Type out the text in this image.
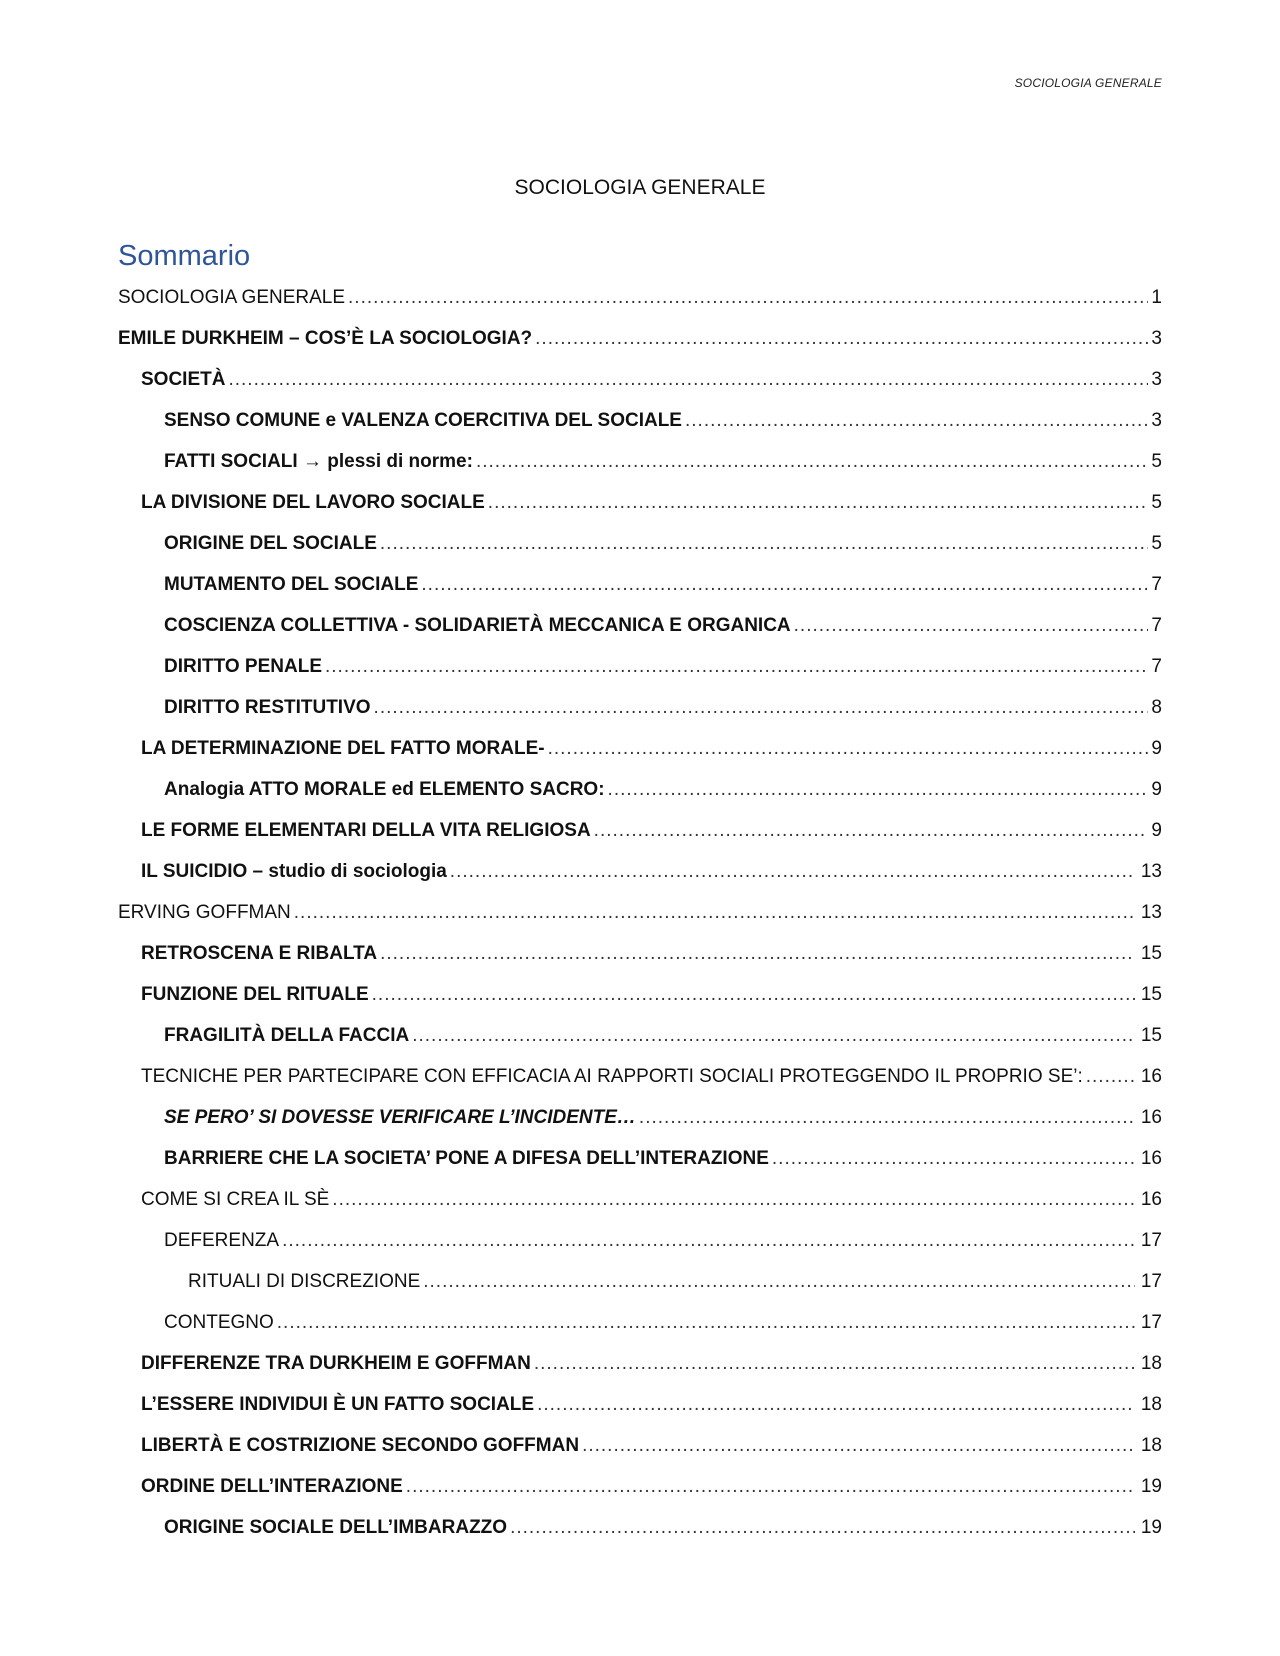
SOCIOLOGIA GENERALE
SOCIOLOGIA GENERALE
Sommario
SOCIOLOGIA GENERALE .....	1
EMILE DURKHEIM – COS’È LA SOCIOLOGIA? .....	3
SOCIETÀ .....	3
SENSO COMUNE e VALENZA COERCITIVA DEL SOCIALE .....	3
FATTI SOCIALI → plessi di norme: .....	5
LA DIVISIONE DEL LAVORO SOCIALE .....	5
ORIGINE DEL SOCIALE .....	5
MUTAMENTO DEL SOCIALE .....	7
COSCIENZA COLLETTIVA - SOLIDARIETÀ MECCANICA E ORGANICA .....	7
DIRITTO PENALE .....	7
DIRITTO RESTITUTIVO .....	8
LA DETERMINAZIONE DEL FATTO MORALE- .....	9
Analogia ATTO MORALE ed ELEMENTO SACRO: .....	9
LE FORME ELEMENTARI DELLA VITA RELIGIOSA .....	9
IL SUICIDIO – studio di sociologia .....	13
ERVING GOFFMAN .....	13
RETROSCENA E RIBALTA .....	15
FUNZIONE DEL RITUALE .....	15
FRAGILITÀ DELLA FACCIA .....	15
TECNICHE PER PARTECIPARE CON EFFICACIA AI RAPPORTI SOCIALI PROTEGGENDO IL PROPRIO SE’: .....	16
SE PERO’ SI DOVESSE VERIFICARE L’INCIDENTE… .....	16
BARRIERE CHE LA SOCIETA’ PONE A DIFESA DELL’INTERAZIONE .....	16
COME SI CREA IL SÈ .....	16
DEFERENZA .....	17
RITUALI DI DISCREZIONE .....	17
CONTEGNO .....	17
DIFFERENZE TRA DURKHEIM E GOFFMAN .....	18
L’ESSERE INDIVIDUI È UN FATTO SOCIALE .....	18
LIBERTÀ E COSTRIZIONE SECONDO GOFFMAN .....	18
ORDINE DELL’INTERAZIONE .....	19
ORIGINE SOCIALE DELL’IMBARAZZO .....	19
